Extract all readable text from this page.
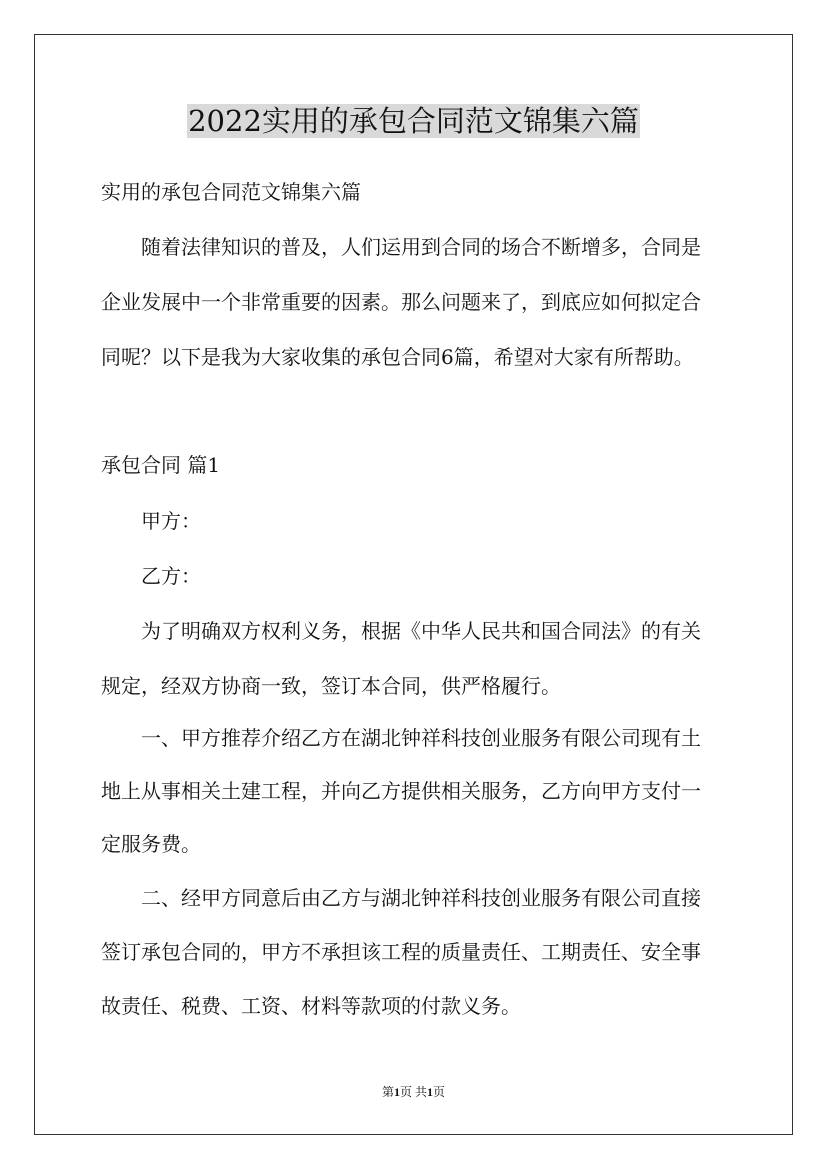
2022实用的承包合同范文锦集六篇
实用的承包合同范文锦集六篇
随着法律知识的普及，人们运用到合同的场合不断增多，合同是
企业发展中一个非常重要的因素。那么问题来了，到底应如何拟定合
同呢？以下是我为大家收集的承包合同6篇，希望对大家有所帮助。
承包合同 篇1
甲方：
乙方：
为了明确双方权利义务，根据《中华人民共和国合同法》的有关
规定，经双方协商一致，签订本合同，供严格履行。
一、甲方推荐介绍乙方在湖北钟祥科技创业服务有限公司现有土
地上从事相关土建工程，并向乙方提供相关服务，乙方向甲方支付一
定服务费。
二、经甲方同意后由乙方与湖北钟祥科技创业服务有限公司直接
签订承包合同的，甲方不承担该工程的质量责任、工期责任、安全事
故责任、税费、工资、材料等款项的付款义务。
第1页 共1页
